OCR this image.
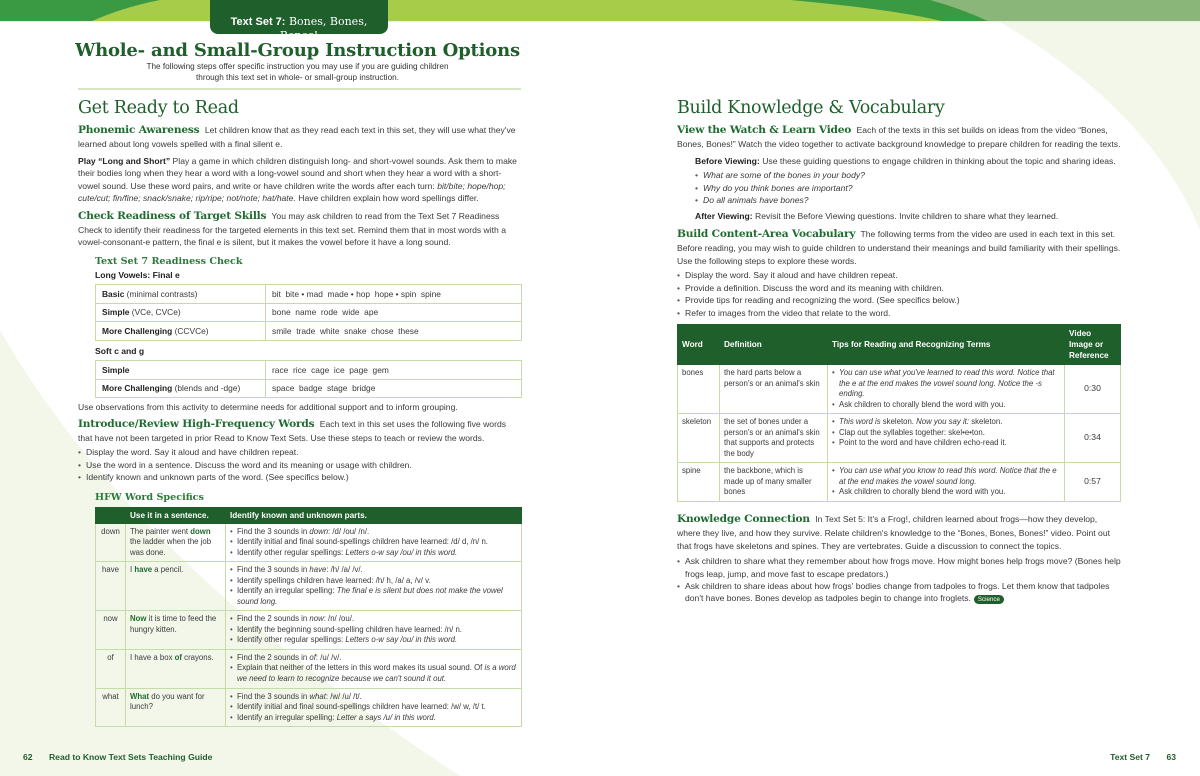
Text Set 7: Bones, Bones, Bones!
Whole- and Small-Group Instruction Options
The following steps offer specific instruction you may use if you are guiding children
through this text set in whole- or small-group instruction.
Get Ready to Read

Phonemic Awareness Let children know that as they read each text in this set, they will use what they've learned about long vowels spelled with a final silent e.

Play “Long and Short” Play a game in which children distinguish long- and short-vowel sounds. Ask them to make their bodies long when they hear a word with a long-vowel sound and short when they hear a word with a short-vowel sound. Use these word pairs, and write or have children write the words after each turn: bit/bite; hope/hop; cute/cut; fin/fine; snack/snake; rip/ripe; not/note; hat/hate. Have children explain how word spellings differ.

Check Readiness of Target Skills You may ask children to read from the Text Set 7 Readiness Check to identify their readiness for the targeted elements in this text set. Remind them that in most words with a vowel-consonant-e pattern, the final e is silent, but it makes the vowel before it have a long sound.

Text Set 7 Readiness Check
Long Vowels: Final e
Basic (minimal contrasts)	bit  bite • mad  made • hop  hope • spin  spine
Simple (VCe, CVCe)	bone  name  rode  wide  ape
More Challenging (CCVCe)	smile  trade  white  snake  chose  these
Soft c and g
Simple	race  rice  cage  ice  page  gem
More Challenging (blends and -dge)	space  badge  stage  bridge

Use observations from this activity to determine needs for additional support and to inform grouping.

Introduce/Review High-Frequency Words Each text in this set uses the following five words that have not been targeted in prior Read to Know Text Sets. Use these steps to teach or review the words.

• Display the word. Say it aloud and have children repeat.
• Use the word in a sentence. Discuss the word and its meaning or usage with children.
• Identify known and unknown parts of the word. (See specifics below.)
HFW Word Specifics
	Use it in a sentence.	Identify known and unknown parts.
down	The painter went down the ladder when the job was done.	
• Find the 3 sounds in down: /d/ /ou/ /n/.
• Identify initial and final sound-spellings children have learned: /d/ d, /n/ n.
• Identify other regular spellings: Letters o-w say /ou/ in this word.

have	I have a pencil.	
•Find the 3 sounds in have: /h/ /a/ /v/.
• Identify spellings children have learned: /h/ h, /a/ a, /v/ v.
• Identify an irregular spelling: The final e is silent but does not make the vowel sound long.

now	Now it is time to feed the hungry kitten.	
• Find the 2 sounds in now: /n/ /ou/.
• Identify the beginning sound-spelling children have learned: /n/ n.
• Identify other regular spellings: Letters o-w say /ou/ in this word.

of	I have a box of crayons.	
•Find the 2 sounds in of: /u/ /v/.
• Explain that neither of the letters in this word makes its usual sound. Of is a word we need to learn to recognize because we can't sound it out.

what	What do you want for lunch?	
• Find the 3 sounds in what: /w/ /u/ /t/.
• Identify initial and final sound-spellings children have learned: /w/ w, /t/ t.
• Identify an irregular spelling: Letter a says /u/ in this word.
Build Knowledge & Vocabulary

View the Watch & Learn Video Each of the texts in this set builds on ideas from the video “Bones, Bones, Bones!” Watch the video together to activate background knowledge to prepare children for reading the texts.

Before Viewing: Use these guiding questions to engage children in thinking about the topic and sharing ideas.

• What are some of the bones in your body?
• Why do you think bones are important?
• Do all animals have bones?

After Viewing: Revisit the Before Viewing questions. Invite children to share what they learned.

Build Content-Area Vocabulary The following terms from the video are used in each text in this set. Before reading, you may wish to guide children to understand their meanings and build familiarity with their spellings. Use the following steps to explore these words.

• Display the word. Say it aloud and have children repeat.
• Provide a definition. Discuss the word and its meaning with children.
• Provide tips for reading and recognizing the word. (See specifics below.)
• Refer to images from the video that relate to the word.
Word	Definition	Tips for Reading and Recognizing Terms	Video Image or Reference
bones	the hard parts below a person's or an animal's skin	
• You can use what you've learned to read this word. Notice that the e at the end makes the vowel sound long. Notice the -s ending.
• Ask children to chorally blend the word with you.
	0:30
skeleton	the set of bones under a person's or an animal's skin that supports and protects the body	
• This word is skeleton. Now you say it: skeleton.
• Clap out the syllables together: skel•e•ton.
• Point to the word and have children echo-read it.
	0:34
spine	the backbone, which is made up of many smaller bones	
• You can use what you know to read this word. Notice that the e at the end makes the vowel sound long.
• Ask children to chorally blend the word with you.
	0:57

Knowledge Connection In Text Set 5: It's a Frog!, children learned about frogs—how they develop, where they live, and how they survive. Relate children's knowledge to the “Bones, Bones, Bones!” video. Point out that frogs have skeletons and spines. They are vertebrates. Guide a discussion to connect the topics.

• Ask children to share what they remember about how frogs move. How might bones help frogs move? (Bones help frogs leap, jump, and move fast to escape predators.)
• Ask children to share ideas about how frogs' bodies change from tadpoles to frogs. Let them know that tadpoles don't have bones. Bones develop as tadpoles begin to change into froglets. Science
62 Read to Know Text Sets Teaching Guide	Text Set 7 63
